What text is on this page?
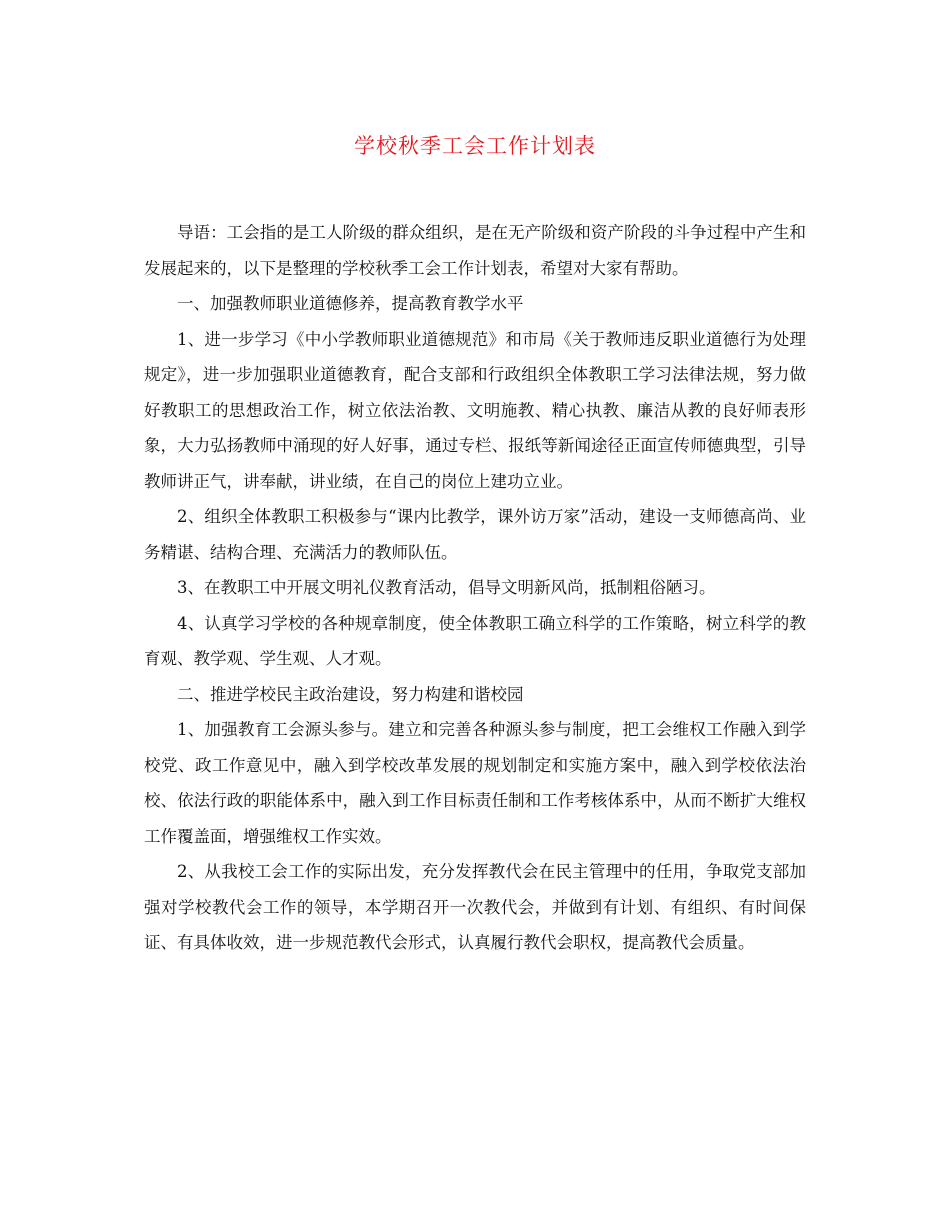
学校秋季工会工作计划表

导语：工会指的是工人阶级的群众组织，是在无产阶级和资产阶段的斗争过程中产生和发展起来的，以下是整理的学校秋季工会工作计划表，希望对大家有帮助。

一、加强教师职业道德修养，提高教育教学水平

1、进一步学习《中小学教师职业道德规范》和市局《关于教师违反职业道德行为处理规定》，进一步加强职业道德教育，配合支部和行政组织全体教职工学习法律法规，努力做好教职工的思想政治工作，树立依法治教、文明施教、精心执教、廉洁从教的良好师表形象，大力弘扬教师中涌现的好人好事，通过专栏、报纸等新闻途径正面宣传师德典型，引导教师讲正气，讲奉献，讲业绩，在自己的岗位上建功立业。

2、组织全体教职工积极参与“课内比教学，课外访万家”活动，建设一支师德高尚、业务精谌、结构合理、充满活力的教师队伍。

3、在教职工中开展文明礼仪教育活动，倡导文明新风尚，抵制粗俗陋习。

4、认真学习学校的各种规章制度，使全体教职工确立科学的工作策略，树立科学的教育观、教学观、学生观、人才观。

二、推进学校民主政治建设，努力构建和谐校园

1、加强教育工会源头参与。建立和完善各种源头参与制度，把工会维权工作融入到学校党、政工作意见中，融入到学校改革发展的规划制定和实施方案中，融入到学校依法治校、依法行政的职能体系中，融入到工作目标责任制和工作考核体系中，从而不断扩大维权工作覆盖面，增强维权工作实效。

2、从我校工会工作的实际出发，充分发挥教代会在民主管理中的任用，争取党支部加强对学校教代会工作的领导，本学期召开一次教代会，并做到有计划、有组织、有时间保证、有具体收效，进一步规范教代会形式，认真履行教代会职权，提高教代会质量。
